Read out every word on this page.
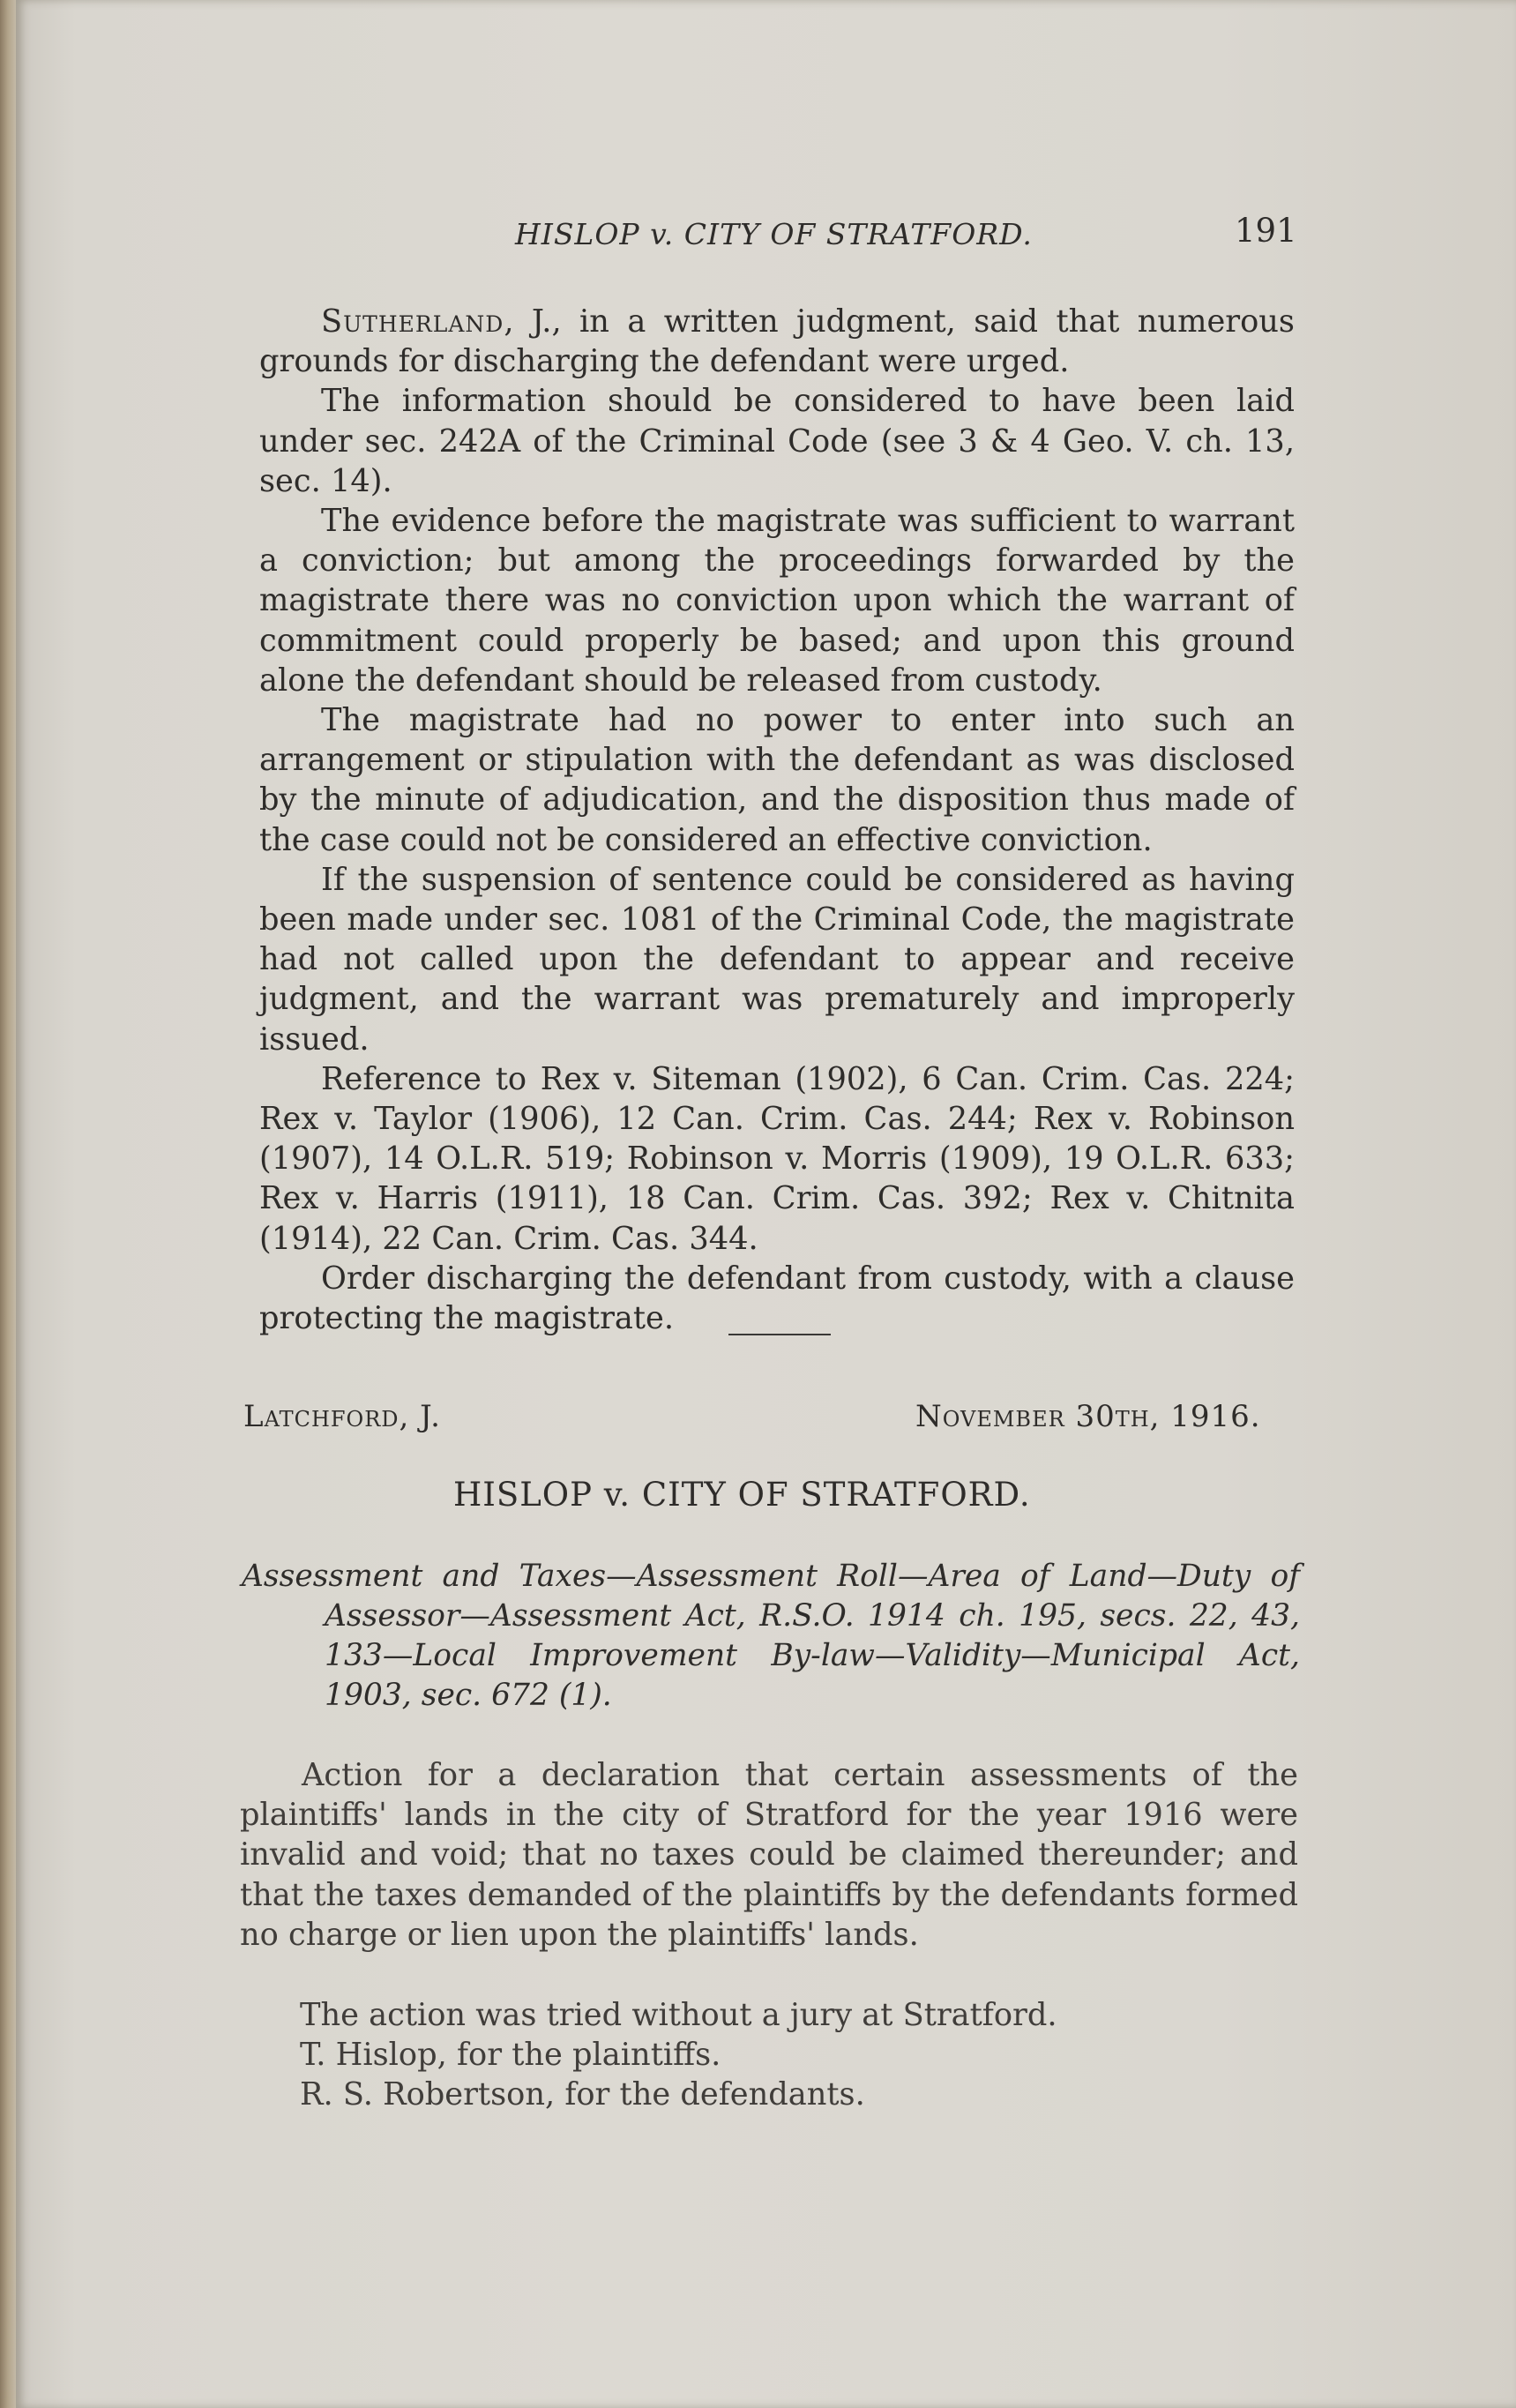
HISLOP v. CITY OF STRATFORD.	191

Sutherland, J., in a written judgment, said that numerous grounds for discharging the defendant were urged.

The information should be considered to have been laid under sec. 242A of the Criminal Code (see 3 & 4 Geo. V. ch. 13, sec. 14).

The evidence before the magistrate was sufficient to warrant a conviction; but among the proceedings forwarded by the magistrate there was no conviction upon which the warrant of commitment could properly be based; and upon this ground alone the defendant should be released from custody.

The magistrate had no power to enter into such an arrangement or stipulation with the defendant as was disclosed by the minute of adjudication, and the disposition thus made of the case could not be considered an effective conviction.

If the suspension of sentence could be considered as having been made under sec. 1081 of the Criminal Code, the magistrate had not called upon the defendant to appear and receive judgment, and the warrant was prematurely and improperly issued.

Reference to Rex v. Siteman (1902), 6 Can. Crim. Cas. 224; Rex v. Taylor (1906), 12 Can. Crim. Cas. 244; Rex v. Robinson (1907), 14 O.L.R. 519; Robinson v. Morris (1909), 19 O.L.R. 633; Rex v. Harris (1911), 18 Can. Crim. Cas. 392; Rex v. Chitnita (1914), 22 Can. Crim. Cas. 344.

Order discharging the defendant from custody, with a clause protecting the magistrate.

Latchford, J.	November 30th, 1916.
HISLOP v. CITY OF STRATFORD.

Assessment and Taxes—Assessment Roll—Area of Land—Duty of Assessor—Assessment Act, R.S.O. 1914 ch. 195, secs. 22, 43, 133—Local Improvement By-law—Validity—Municipal Act, 1903, sec. 672 (1).

Action for a declaration that certain assessments of the plaintiffs' lands in the city of Stratford for the year 1916 were invalid and void; that no taxes could be claimed thereunder; and that the taxes demanded of the plaintiffs by the defendants formed no charge or lien upon the plaintiffs' lands.

The action was tried without a jury at Stratford.

T. Hislop, for the plaintiffs.

R. S. Robertson, for the defendants.
